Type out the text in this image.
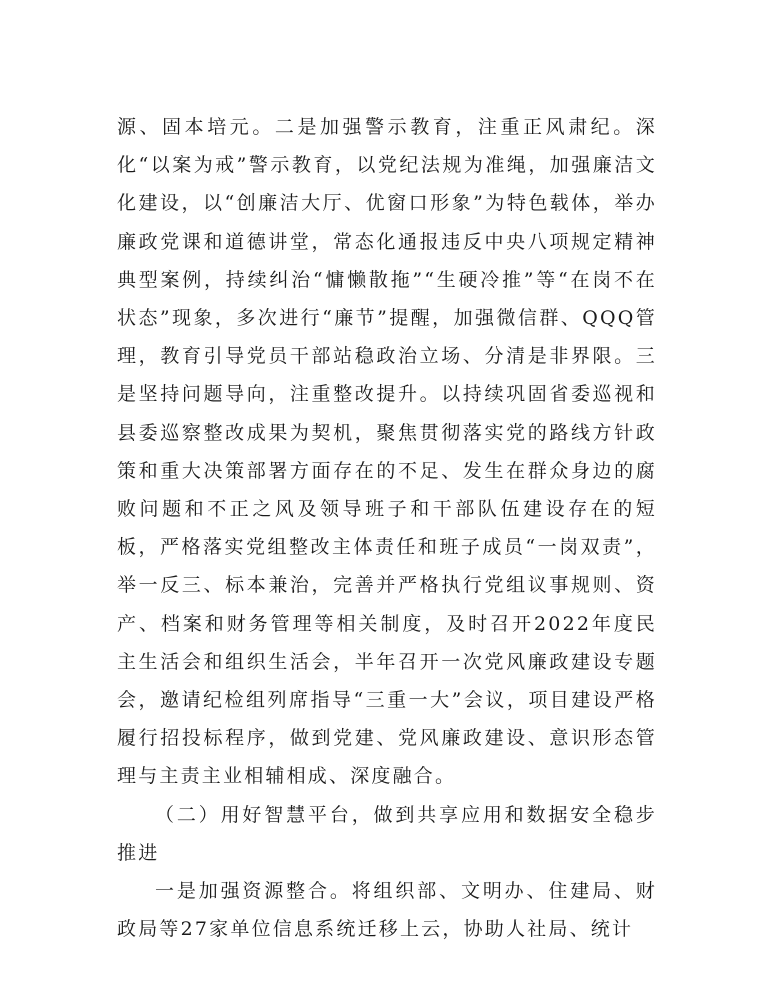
源、固本培元。二是加强警示教育，注重正风肃纪。深化“以案为戒”警示教育，以党纪法规为准绳，加强廉洁文化建设，以“创廉洁大厅、优窗口形象”为特色载体，举办廉政党课和道德讲堂，常态化通报违反中央八项规定精神典型案例，持续纠治“慵懒散拖”“生硬冷推”等“在岗不在状态”现象，多次进行“廉节”提醒，加强微信群、QQQ管理，教育引导党员干部站稳政治立场、分清是非界限。三是坚持问题导向，注重整改提升。以持续巩固省委巡视和县委巡察整改成果为契机，聚焦贯彻落实党的路线方针政策和重大决策部署方面存在的不足、发生在群众身边的腐败问题和不正之风及领导班子和干部队伍建设存在的短板，严格落实党组整改主体责任和班子成员“一岗双责”，举一反三、标本兼治，完善并严格执行党组议事规则、资产、档案和财务管理等相关制度，及时召开2022年度民主生活会和组织生活会，半年召开一次党风廉政建设专题会，邀请纪检组列席指导“三重一大”会议，项目建设严格履行招投标程序，做到党建、党风廉政建设、意识形态管理与主责主业相辅相成、深度融合。

（二）用好智慧平台，做到共享应用和数据安全稳步推进

一是加强资源整合。将组织部、文明办、住建局、财政局等27家单位信息系统迁移上云，协助人社局、统计
